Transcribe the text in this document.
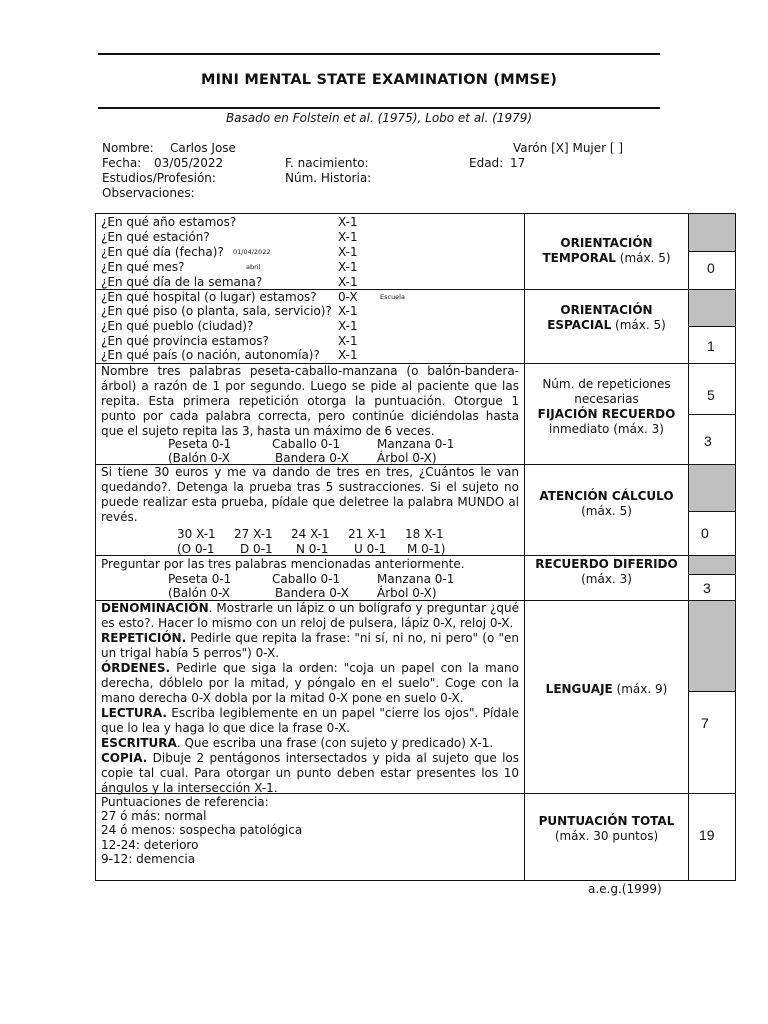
MINI MENTAL STATE EXAMINATION (MMSE)
Basado en Folstein et al. (1975), Lobo et al. (1979)
Nombre: Carlos Jose	Varón [X] Mujer [ ]
Fecha: 03/05/2022	F. nacimiento:	Edad: 17
Estudios/Profesión:	Núm. Historia:
Observaciones:
¿En qué año estamos?	X-1
¿En qué estación?	X-1
¿En qué día (fecha)? 01/04/2022	X-1
¿En qué mes?	abril	X-1
¿En qué día de la semana?	X-1
ORIENTACIÓN
TEMPORAL (máx. 5)
0
¿En qué hospital (o lugar) estamos? 0-X	Escuela
¿En qué piso (o planta, sala, servicio)? X-1
¿En qué pueblo (ciudad)?	X-1
¿En qué provincia estamos?	X-1
¿En qué país (o nación, autonomía)? X-1
ORIENTACIÓN
ESPACIAL (máx. 5)
1
Nombre tres palabras peseta-caballo-manzana (o balón-bandera-árbol) a razón de 1 por segundo. Luego se pide al paciente que las repita. Esta primera repetición otorga la puntuación. Otorgue 1 punto por cada palabra correcta, pero continúe diciéndolas hasta que el sujeto repita las 3, hasta un máximo de 6 veces.
Peseta 0-1	Caballo 0-1	Manzana 0-1
(Balón 0-X	Bandera 0-X Árbol 0-X)
Núm. de repeticiones
necesarias
FIJACIÓN RECUERDO
inmediato (máx. 3)
5
3
Si tiene 30 euros y me va dando de tres en tres, ¿Cuántos le van quedando?. Detenga la prueba tras 5 sustracciones. Si el sujeto no puede realizar esta prueba, pídale que deletree la palabra MUNDO al revés.
30 X-1 27 X-1 24 X-1 21 X-1 18 X-1
(O 0-1 D 0-1 N 0-1 U 0-1 M 0-1)
ATENCIÓN CÁLCULO
(máx. 5)
0
Preguntar por las tres palabras mencionadas anteriormente.
Peseta 0-1	Caballo 0-1	Manzana 0-1
(Balón 0-X	Bandera 0-X Árbol 0-X)
RECUERDO DIFERIDO
(máx. 3)
3
DENOMINACIÓN. Mostrarle un lápiz o un bolígrafo y preguntar ¿qué es esto?. Hacer lo mismo con un reloj de pulsera, lápiz 0-X, reloj 0-X.
REPETICIÓN. Pedirle que repita la frase: "ni sí, ni no, ni pero" (o "en un trigal había 5 perros") 0-X.
ÓRDENES. Pedirle que siga la orden: "coja un papel con la mano derecha, dóblelo por la mitad, y póngalo en el suelo". Coge con la mano derecha 0-X dobla por la mitad 0-X pone en suelo 0-X.
LECTURA. Escriba legiblemente en un papel "cierre los ojos". Pídale que lo lea y haga lo que dice la frase 0-X.
ESCRITURA. Que escriba una frase (con sujeto y predicado) X-1.
COPIA. Dibuje 2 pentágonos intersectados y pida al sujeto que los copie tal cual. Para otorgar un punto deben estar presentes los 10 ángulos y la intersección X-1.
LENGUAJE (máx. 9)
7
Puntuaciones de referencia:
27 ó más: normal
24 ó menos: sospecha patológica
12-24: deterioro
9-12: demencia
PUNTUACIÓN TOTAL
(máx. 30 puntos)	19
a.e.g.(1999)
